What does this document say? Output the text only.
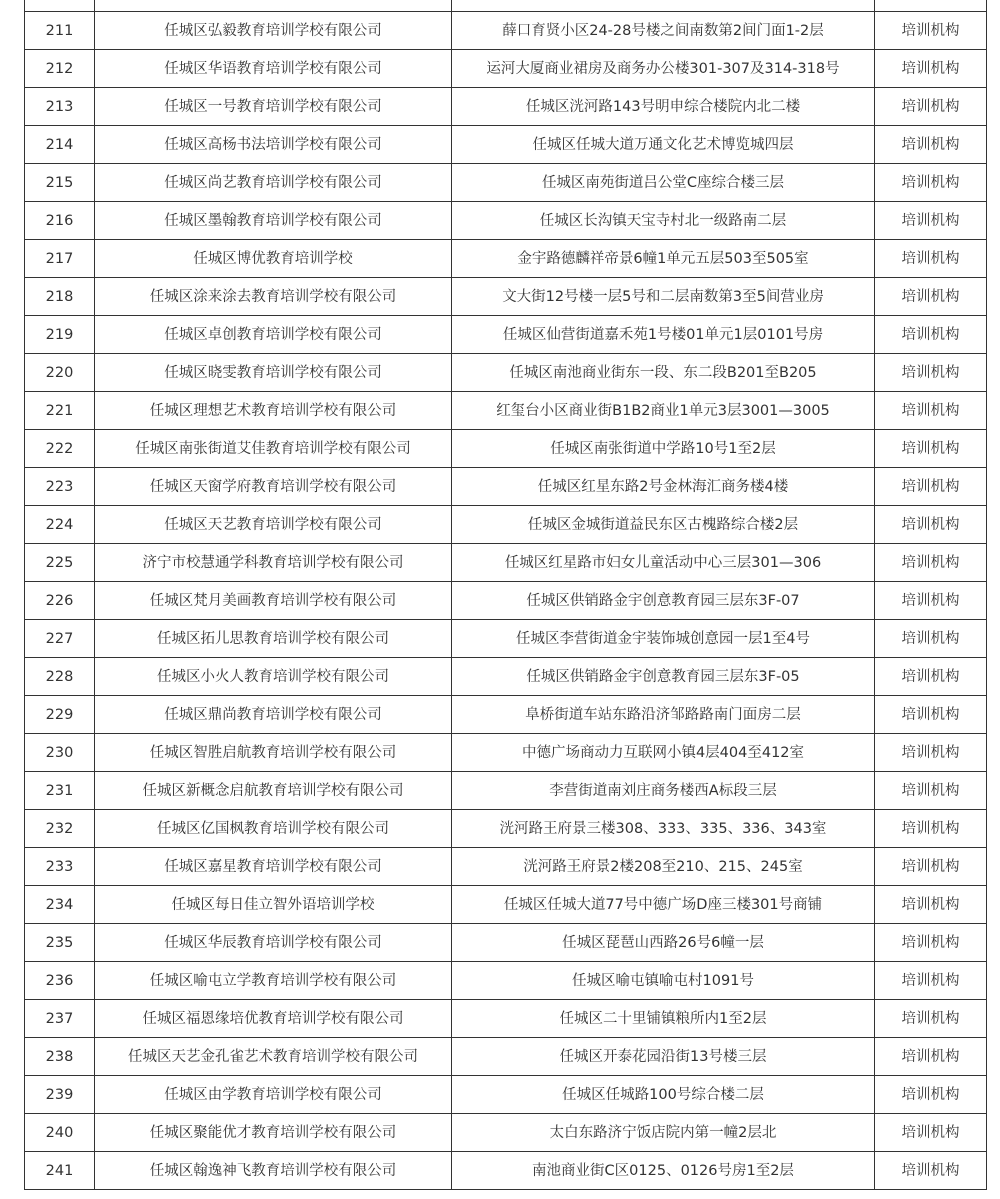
211	任城区弘毅教育培训学校有限公司	薛口育贤小区24-28号楼之间南数第2间门面1-2层	培训机构
212	任城区华语教育培训学校有限公司	运河大厦商业裙房及商务办公楼301-307及314-318号	培训机构
213	任城区一号教育培训学校有限公司	任城区洸河路143号明申综合楼院内北二楼	培训机构
214	任城区高杨书法培训学校有限公司	任城区任城大道万通文化艺术博览城四层	培训机构
215	任城区尚艺教育培训学校有限公司	任城区南苑街道吕公堂C座综合楼三层	培训机构
216	任城区墨翰教育培训学校有限公司	任城区长沟镇天宝寺村北一级路南二层	培训机构
217	任城区博优教育培训学校	金宇路德麟祥帝景6幢1单元五层503至505室	培训机构
218	任城区涂来涂去教育培训学校有限公司	文大街12号楼一层5号和二层南数第3至5间营业房	培训机构
219	任城区卓创教育培训学校有限公司	任城区仙营街道嘉禾苑1号楼01单元1层0101号房	培训机构
220	任城区晓雯教育培训学校有限公司	任城区南池商业街东一段、东二段B201至B205	培训机构
221	任城区理想艺术教育培训学校有限公司	红玺台小区商业街B1B2商业1单元3层3001—3005	培训机构
222	任城区南张街道艾佳教育培训学校有限公司	任城区南张街道中学路10号1至2层	培训机构
223	任城区天窗学府教育培训学校有限公司	任城区红星东路2号金林海汇商务楼4楼	培训机构
224	任城区天艺教育培训学校有限公司	任城区金城街道益民东区古槐路综合楼2层	培训机构
225	济宁市校慧通学科教育培训学校有限公司	任城区红星路市妇女儿童活动中心三层301—306	培训机构
226	任城区梵月美画教育培训学校有限公司	任城区供销路金宇创意教育园三层东3F-07	培训机构
227	任城区拓儿思教育培训学校有限公司	任城区李营街道金宇装饰城创意园一层1至4号	培训机构
228	任城区小火人教育培训学校有限公司	任城区供销路金宇创意教育园三层东3F-05	培训机构
229	任城区鼎尚教育培训学校有限公司	阜桥街道车站东路沿济邹路路南门面房二层	培训机构
230	任城区智胜启航教育培训学校有限公司	中德广场商动力互联网小镇4层404至412室	培训机构
231	任城区新概念启航教育培训学校有限公司	李营街道南刘庄商务楼西A标段三层	培训机构
232	任城区亿国枫教育培训学校有限公司	洸河路王府景三楼308、333、335、336、343室	培训机构
233	任城区嘉星教育培训学校有限公司	洸河路王府景2楼208至210、215、245室	培训机构
234	任城区每日佳立智外语培训学校	任城区任城大道77号中德广场D座三楼301号商铺	培训机构
235	任城区华辰教育培训学校有限公司	任城区琵琶山西路26号6幢一层	培训机构
236	任城区喻屯立学教育培训学校有限公司	任城区喻屯镇喻屯村1091号	培训机构
237	任城区福恩缘培优教育培训学校有限公司	任城区二十里铺镇粮所内1至2层	培训机构
238	任城区天艺金孔雀艺术教育培训学校有限公司	任城区开泰花园沿街13号楼三层	培训机构
239	任城区由学教育培训学校有限公司	任城区任城路100号综合楼二层	培训机构
240	任城区聚能优才教育培训学校有限公司	太白东路济宁饭店院内第一幢2层北	培训机构
241	任城区翰逸神飞教育培训学校有限公司	南池商业街C区0125、0126号房1至2层	培训机构
